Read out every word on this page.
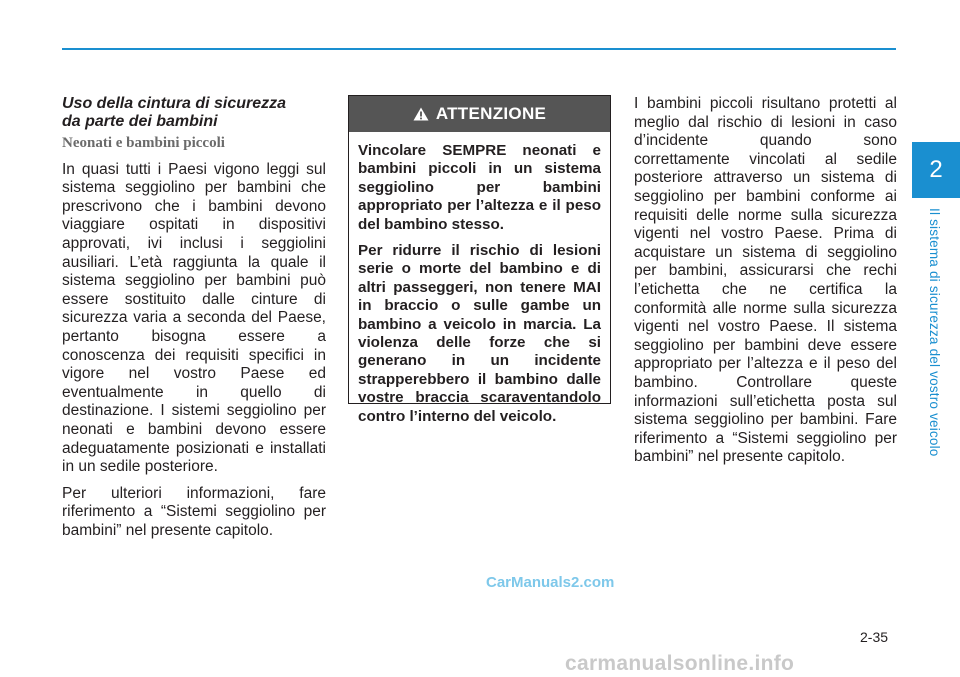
Uso della cintura di sicurezza
da parte dei bambini
Neonati e bambini piccoli

In quasi tutti i Paesi vigono leggi sul sistema seggiolino per bambini che prescrivono che i bambini devono viaggiare ospitati in dispositivi approvati, ivi inclusi i seggiolini ausiliari. L’età raggiunta la quale il sistema seggiolino per bambini può essere sostituito dalle cinture di sicurezza varia a seconda del Paese, pertanto bisogna essere a conoscenza dei requisiti specifici in vigore nel vostro Paese ed eventualmente in quello di destinazione. I sistemi seggiolino per neonati e bambini devono essere adeguatamente posizionati e installati in un sedile posteriore.

Per ulteriori informazioni, fare riferimento a “Sistemi seggiolino per bambini” nel presente capitolo.

ATTENZIONE

Vincolare SEMPRE neonati e bambini piccoli in un sistema seggiolino per bambini appropriato per l’altezza e il peso del bambino stesso.

Per ridurre il rischio di lesioni serie o morte del bambino e di altri passeggeri, non tenere MAI in braccio o sulle gambe un bambino a veicolo in marcia. La violenza delle forze che si generano in un incidente strapperebbero il bambino dalle vostre braccia scaraventandolo contro l’interno del veicolo.

I bambini piccoli risultano protetti al meglio dal rischio di lesioni in caso d’incidente quando sono correttamente vincolati al sedile posteriore attraverso un sistema di seggiolino per bambini conforme ai requisiti delle norme sulla sicurezza vigenti nel vostro Paese. Prima di acquistare un sistema di seggiolino per bambini, assicurarsi che rechi l’etichetta che ne certifica la conformità alle norme sulla sicurezza vigenti nel vostro Paese. Il sistema seggiolino per bambini deve essere appropriato per l’altezza e il peso del bambino. Controllare queste informazioni sull’etichetta posta sul sistema seggiolino per bambini. Fare riferimento a “Sistemi seggiolino per bambini” nel presente capitolo.

2
Il sistema di sicurezza del vostro veicolo
CarManuals2.com
2-35
carmanualsonline.info
